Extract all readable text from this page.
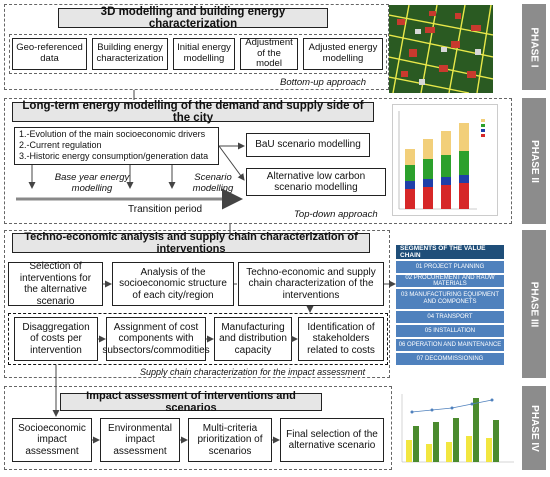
3D modelling and building energy characterization
Geo-referenced data
Building energy characterization
Initial energy modelling
Adjustment of the model
Adjusted energy modelling
Bottom-up approach
PHASE I
Long-term energy modelling of the demand and supply side of the city
1.-Evolution of the main socioeconomic drivers
2.-Current regulation
3.-Historic energy consumption/generation data
Base year energy modelling
Scenario modelling
Transition period
BaU scenario modelling
Alternative low carbon scenario modelling
Top-down approach
PHASE II
Techno-economic analysis and supply chain characterization of interventions
Selection of interventions for the alternative scenario
Analysis of the socioeconomic structure of each city/region
Techno-economic and supply chain characterization of the interventions
Disaggregation of costs per intervention
Assignment of cost components with subsectors/commodities
Manufacturing and distribution capacity
Identification of stakeholders related to costs
Supply chain characterization for the impact assessment
SEGMENTS OF THE VALUE CHAIN
01 PROJECT PLANNING
02 PROCUREMENT AND RAUW MATERIALS
03 MANUFACTURING EQUIPMENT AND COMPONETS
04 TRANSPORT
05 INSTALLATION
06 OPERATION AND MAINTENANCE
07 DECOMMISSIONING
PHASE III
Impact assessment of interventions and scenarios
Socioeconomic impact assessment
Environmental impact assessment
Multi-criteria prioritization of scenarios
Final selection of the alternative scenario	PHASE IV
